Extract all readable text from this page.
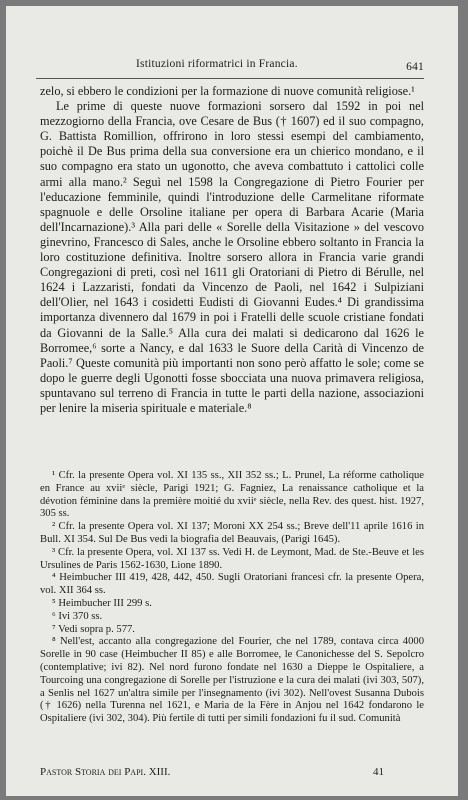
Istituzioni riformatrici in Francia.	641

zelo, si ebbero le condizioni per la formazione di nuove comunità religiose.¹

Le prime di queste nuove formazioni sorsero dal 1592 in poi nel mezzogiorno della Francia, ove Cesare de Bus († 1607) ed il suo compagno, G. Battista Romillion, offrirono in loro stessi esempi del cambiamento, poichè il De Bus prima della sua conversione era un chierico mondano, e il suo compagno era stato un ugonotto, che aveva combattuto i cattolici colle armi alla mano.² Seguì nel 1598 la Congregazione di Pietro Fourier per l'educazione femminile, quindi l'introduzione delle Carmelitane riformate spagnuole e delle Orsoline italiane per opera di Barbara Acarie (Maria dell'Incarnazione).³ Alla pari delle « Sorelle della Visitazione » del vescovo ginevrino, Francesco di Sales, anche le Orsoline ebbero soltanto in Francia la loro costituzione definitiva. Inoltre sorsero allora in Francia varie grandi Congregazioni di preti, così nel 1611 gli Oratoriani di Pietro di Bérulle, nel 1624 i Lazzaristi, fondati da Vincenzo de Paoli, nel 1642 i Sulpiziani dell'Olier, nel 1643 i cosidetti Eudisti di Giovanni Eudes.⁴ Di grandissima importanza divennero dal 1679 in poi i Fratelli delle scuole cristiane fondati da Giovanni de la Salle.⁵ Alla cura dei malati si dedicarono dal 1626 le Borromee,⁶ sorte a Nancy, e dal 1633 le Suore della Carità di Vincenzo de Paoli.⁷ Queste comunità più importanti non sono però affatto le sole; come se dopo le guerre degli Ugonotti fosse sbocciata una nuova primavera religiosa, spuntavano sul terreno di Francia in tutte le parti della nazione, associazioni per lenire la miseria spirituale e materiale.⁸

¹ Cfr. la presente Opera vol. XI 135 ss., XII 352 ss.; L. Prunel, La réforme catholique en France au xviiᵉ siècle, Parigi 1921; G. Fagniez, La renaissance catholique et la dévotion féminine dans la première moitié du xviiᵉ siècle, nella Rev. des quest. hist. 1927, 305 ss.

² Cfr. la presente Opera vol. XI 137; Moroni XX 254 ss.; Breve dell'11 aprile 1616 in Bull. XI 354. Sul De Bus vedi la biografia del Beauvais, (Parigi 1645).

³ Cfr. la presente Opera, vol. XI 137 ss. Vedi H. de Leymont, Mad. de Ste.-Beuve et les Ursulines de Paris 1562-1630, Lione 1890.

⁴ Heimbucher III 419, 428, 442, 450. Sugli Oratoriani francesi cfr. la presente Opera, vol. XII 364 ss.

⁵ Heimbucher III 299 s.

⁶ Ivi 370 ss.

⁷ Vedi sopra p. 577.

⁸ Nell'est, accanto alla congregazione del Fourier, che nel 1789, contava circa 4000 Sorelle in 90 case (Heimbucher II 85) e alle Borromee, le Canonichesse del S. Sepolcro (contemplative; ivi 82). Nel nord furono fondate nel 1630 a Dieppe le Ospitaliere, a Tourcoing una congregazione di Sorelle per l'istruzione e la cura dei malati (ivi 303, 507), a Senlis nel 1627 un'altra simile per l'insegnamento (ivi 302). Nell'ovest Susanna Dubois († 1626) nella Turenna nel 1621, e Maria de la Fère in Anjou nel 1642 fondarono le Ospitaliere (ivi 302, 304). Più fertile di tutti per simili fondazioni fu il sud. Comunità

Pastor Storia dei Papi. XIII.	41
